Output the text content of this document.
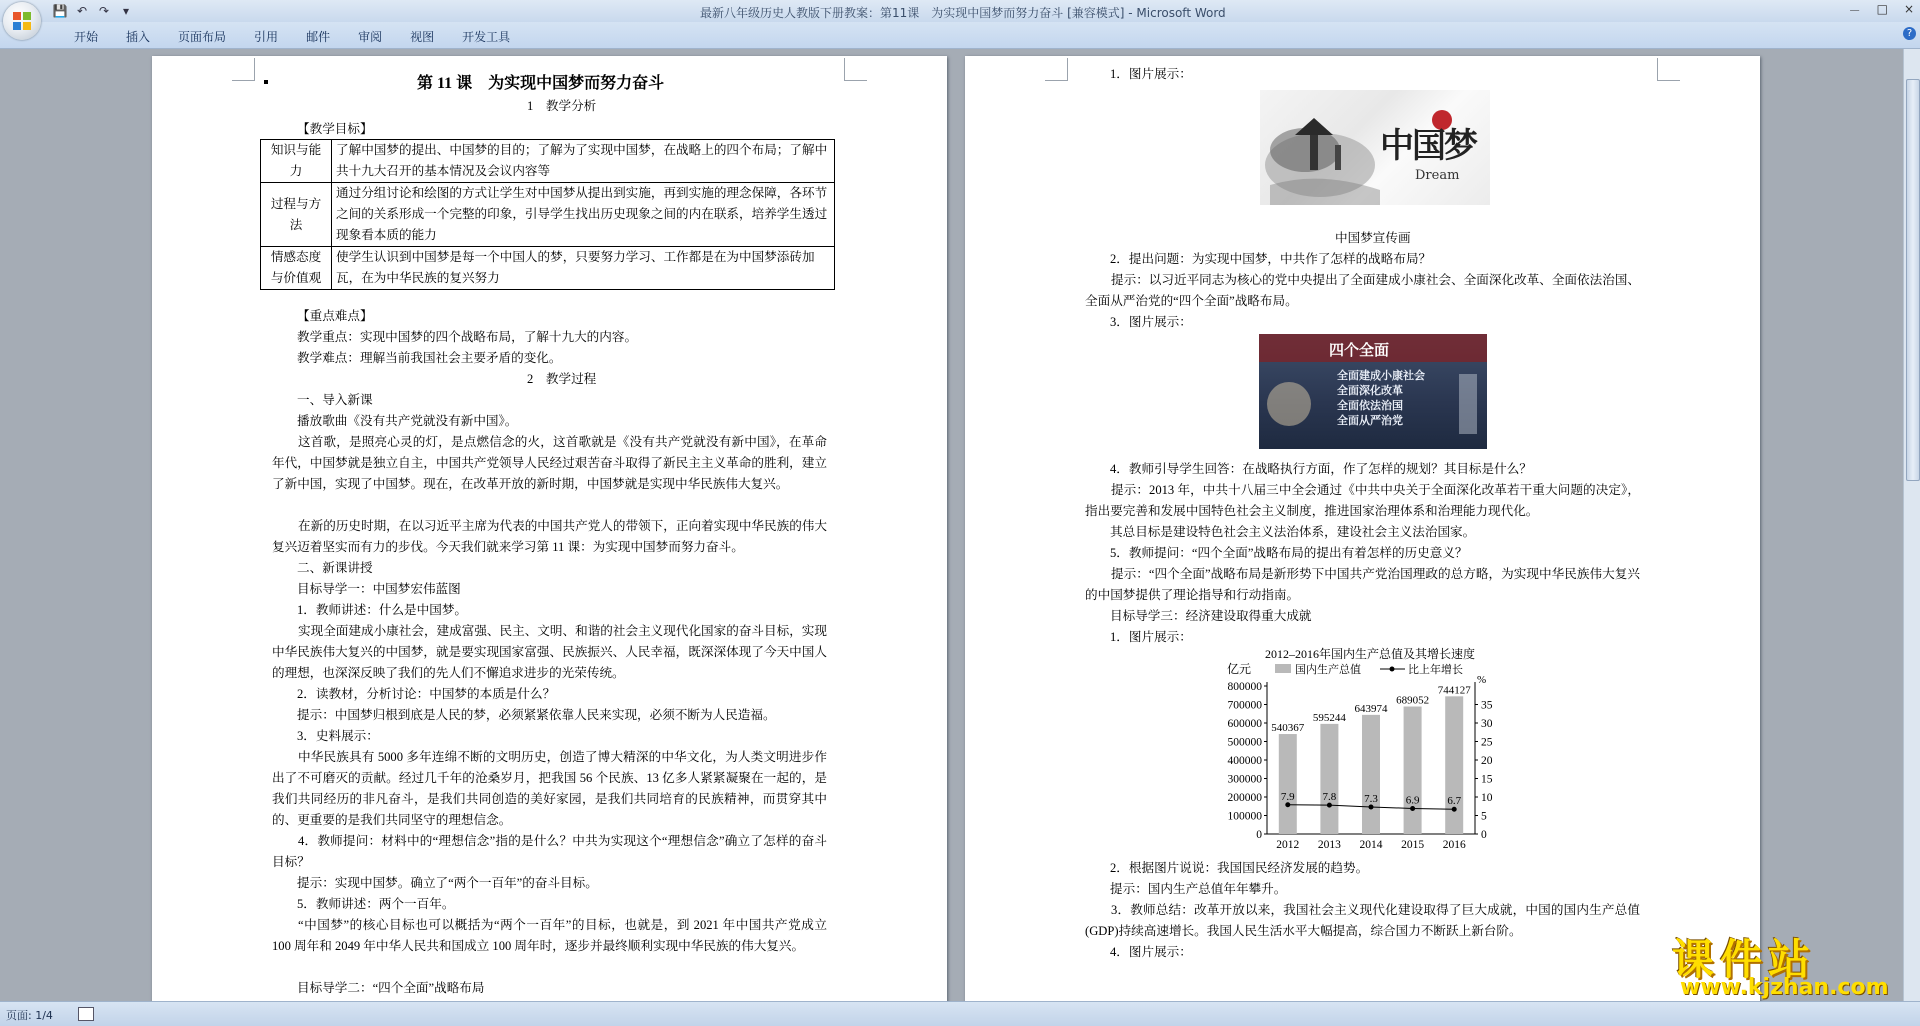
💾 ↶ ↷	▾	最新八年级历史人教版下册教案：第11课　为实现中国梦而努力奋斗 [兼容模式] - Microsoft Word	－ □ ×
开始	插入	页面布局	引用	邮件	审阅	视图	开发工具	?
第 11 课　为实现中国梦而努力奋斗
1　教学分析
【教学目标】
知识与能力	了解中国梦的提出、中国梦的目的；了解为了实现中国梦，在战略上的四个布局；了解中共十九大召开的基本情况及会议内容等
过程与方法	通过分组讨论和绘图的方式让学生对中国梦从提出到实施，再到实施的理念保障，各环节之间的关系形成一个完整的印象，引导学生找出历史现象之间的内在联系，培养学生透过现象看本质的能力
情感态度与价值观	使学生认识到中国梦是每一个中国人的梦，只要努力学习、工作都是在为中国梦添砖加瓦，在为中华民族的复兴努力
【重点难点】
教学重点：实现中国梦的四个战略布局，了解十九大的内容。
教学难点：理解当前我国社会主要矛盾的变化。
2　教学过程
一、导入新课
播放歌曲《没有共产党就没有新中国》。
这首歌，是照亮心灵的灯，是点燃信念的火，这首歌就是《没有共产党就没有新中国》，在革命年代，中国梦就是独立自主，中国共产党领导人民经过艰苦奋斗取得了新民主主义革命的胜利，建立了新中国，实现了中国梦。现在，在改革开放的新时期，中国梦就是实现中华民族伟大复兴。
在新的历史时期，在以习近平主席为代表的中国共产党人的带领下，正向着实现中华民族的伟大复兴迈着坚实而有力的步伐。今天我们就来学习第 11 课：为实现中国梦而努力奋斗。
二、新课讲授
目标导学一：中国梦宏伟蓝图
1．教师讲述：什么是中国梦。
实现全面建成小康社会，建成富强、民主、文明、和谐的社会主义现代化国家的奋斗目标，实现中华民族伟大复兴的中国梦，就是要实现国家富强、民族振兴、人民幸福，既深深体现了今天中国人的理想，也深深反映了我们的先人们不懈追求进步的光荣传统。
2．读教材，分析讨论：中国梦的本质是什么？
提示：中国梦归根到底是人民的梦，必须紧紧依靠人民来实现，必须不断为人民造福。
3．史料展示：
中华民族具有 5000 多年连绵不断的文明历史，创造了博大精深的中华文化，为人类文明进步作出了不可磨灭的贡献。经过几千年的沧桑岁月，把我国 56 个民族、13 亿多人紧紧凝聚在一起的，是我们共同经历的非凡奋斗，是我们共同创造的美好家园，是我们共同培育的民族精神，而贯穿其中的、更重要的是我们共同坚守的理想信念。
4．教师提问：材料中的“理想信念”指的是什么？中共为实现这个“理想信念”确立了怎样的奋斗目标？
提示：实现中国梦。确立了“两个一百年”的奋斗目标。
5．教师讲述：两个一百年。
“中国梦”的核心目标也可以概括为“两个一百年”的目标，也就是，到 2021 年中国共产党成立 100 周年和 2049 年中华人民共和国成立 100 周年时，逐步并最终顺利实现中华民族的伟大复兴。
目标导学二：“四个全面”战略布局
1．图片展示：
中国梦
Dream
中国梦宣传画
2．提出问题：为实现中国梦，中共作了怎样的战略布局？
提示：以习近平同志为核心的党中央提出了全面建成小康社会、全面深化改革、全面依法治国、全面从严治党的“四个全面”战略布局。
3．图片展示：
四个全面
全面建成小康社会
全面深化改革
全面依法治国
全面从严治党
4．教师引导学生回答：在战略执行方面，作了怎样的规划？其目标是什么？
提示：2013 年，中共十八届三中全会通过《中共中央关于全面深化改革若干重大问题的决定》，指出要完善和发展中国特色社会主义制度，推进国家治理体系和治理能力现代化。
其总目标是建设特色社会主义法治体系，建设社会主义法治国家。
5．教师提问：“四个全面”战略布局的提出有着怎样的历史意义？
提示：“四个全面”战略布局是新形势下中国共产党治国理政的总方略，为实现中华民族伟大复兴的中国梦提供了理论指导和行动指南。
目标导学三：经济建设取得重大成就
1．图片展示：
2012–2016年国内生产总值及其增长速度
亿元
%
国内生产总值	比上年增长
800000
700000
600000
500000
400000
300000
200000
100000
0
35
30
25
20
15
10
5
0
540367
2012
7.9
595244
2013
7.8
643974
2014
7.3
689052
2015
6.9
744127
2016
6.7
2．根据图片说说：我国国民经济发展的趋势。
提示：国内生产总值年年攀升。
3．教师总结：改革开放以来，我国社会主义现代化建设取得了巨大成就，中国的国内生产总值(GDP)持续高速增长。我国人民生活水平大幅提高，综合国力不断跃上新台阶。
4．图片展示：
页面: 1/4
课件站
www.kjzhan.com
